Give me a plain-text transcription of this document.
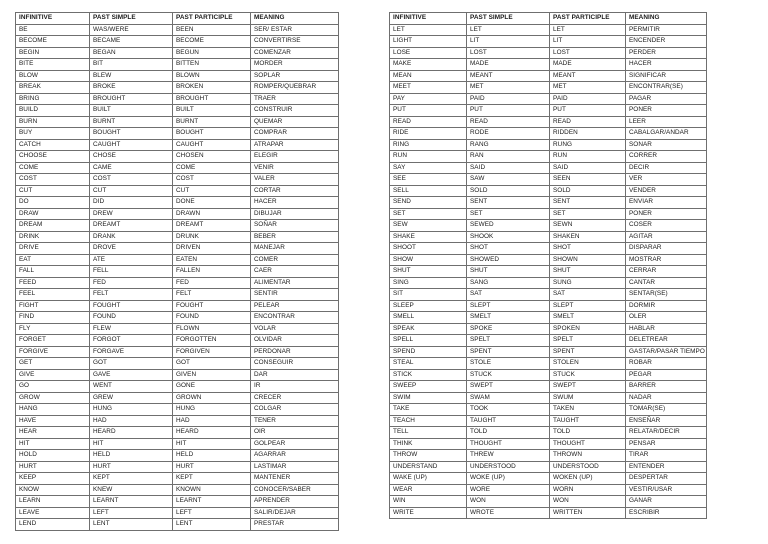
INFINITIVE	PAST SIMPLE	PAST PARTICIPLE	MEANING
BE	WAS/WERE	BEEN	SER/ ESTAR
BECOME	BECAME	BECOME	CONVERTIRSE
BEGIN	BEGAN	BEGUN	COMENZAR
BITE	BIT	BITTEN	MORDER
BLOW	BLEW	BLOWN	SOPLAR
BREAK	BROKE	BROKEN	ROMPER/QUEBRAR
BRING	BROUGHT	BROUGHT	TRAER
BUILD	BUILT	BUILT	CONSTRUIR
BURN	BURNT	BURNT	QUEMAR
BUY	BOUGHT	BOUGHT	COMPRAR
CATCH	CAUGHT	CAUGHT	ATRAPAR
CHOOSE	CHOSE	CHOSEN	ELEGIR
COME	CAME	COME	VENIR
COST	COST	COST	VALER
CUT	CUT	CUT	CORTAR
DO	DID	DONE	HACER
DRAW	DREW	DRAWN	DIBUJAR
DREAM	DREAMT	DREAMT	SOÑAR
DRINK	DRANK	DRUNK	BEBER
DRIVE	DROVE	DRIVEN	MANEJAR
EAT	ATE	EATEN	COMER
FALL	FELL	FALLEN	CAER
FEED	FED	FED	ALIMENTAR
FEEL	FELT	FELT	SENTIR
FIGHT	FOUGHT	FOUGHT	PELEAR
FIND	FOUND	FOUND	ENCONTRAR
FLY	FLEW	FLOWN	VOLAR
FORGET	FORGOT	FORGOTTEN	OLVIDAR
FORGIVE	FORGAVE	FORGIVEN	PERDONAR
GET	GOT	GOT	CONSEGUIR
GIVE	GAVE	GIVEN	DAR
GO	WENT	GONE	IR
GROW	GREW	GROWN	CRECER
HANG	HUNG	HUNG	COLGAR
HAVE	HAD	HAD	TENER
HEAR	HEARD	HEARD	OIR
HIT	HIT	HIT	GOLPEAR
HOLD	HELD	HELD	AGARRAR
HURT	HURT	HURT	LASTIMAR
KEEP	KEPT	KEPT	MANTENER
KNOW	KNEW	KNOWN	CONOCER/SABER
LEARN	LEARNT	LEARNT	APRENDER
LEAVE	LEFT	LEFT	SALIR/DEJAR
LEND	LENT	LENT	PRESTAR
INFINITIVE	PAST SIMPLE	PAST PARTICIPLE	MEANING
LET	LET	LET	PERMITIR
LIGHT	LIT	LIT	ENCENDER
LOSE	LOST	LOST	PERDER
MAKE	MADE	MADE	HACER
MEAN	MEANT	MEANT	SIGNIFICAR
MEET	MET	MET	ENCONTRAR(SE)
PAY	PAID	PAID	PAGAR
PUT	PUT	PUT	PONER
READ	READ	READ	LEER
RIDE	RODE	RIDDEN	CABALGAR/ANDAR
RING	RANG	RUNG	SONAR
RUN	RAN	RUN	CORRER
SAY	SAID	SAID	DECIR
SEE	SAW	SEEN	VER
SELL	SOLD	SOLD	VENDER
SEND	SENT	SENT	ENVIAR
SET	SET	SET	PONER
SEW	SEWED	SEWN	COSER
SHAKE	SHOOK	SHAKEN	AGITAR
SHOOT	SHOT	SHOT	DISPARAR
SHOW	SHOWED	SHOWN	MOSTRAR
SHUT	SHUT	SHUT	CERRAR
SING	SANG	SUNG	CANTAR
SIT	SAT	SAT	SENTAR(SE)
SLEEP	SLEPT	SLEPT	DORMIR
SMELL	SMELT	SMELT	OLER
SPEAK	SPOKE	SPOKEN	HABLAR
SPELL	SPELT	SPELT	DELETREAR
SPEND	SPENT	SPENT	GASTAR/PASAR TIEMPO
STEAL	STOLE	STOLEN	ROBAR
STICK	STUCK	STUCK	PEGAR
SWEEP	SWEPT	SWEPT	BARRER
SWIM	SWAM	SWUM	NADAR
TAKE	TOOK	TAKEN	TOMAR(SE)
TEACH	TAUGHT	TAUGHT	ENSEÑAR
TELL	TOLD	TOLD	RELATAR/DECIR
THINK	THOUGHT	THOUGHT	PENSAR
THROW	THREW	THROWN	TIRAR
UNDERSTAND	UNDERSTOOD	UNDERSTOOD	ENTENDER
WAKE (UP)	WOKE (UP)	WOKEN (UP)	DESPERTAR
WEAR	WORE	WORN	VESTIR/USAR
WIN	WON	WON	GANAR
WRITE	WROTE	WRITTEN	ESCRIBIR
